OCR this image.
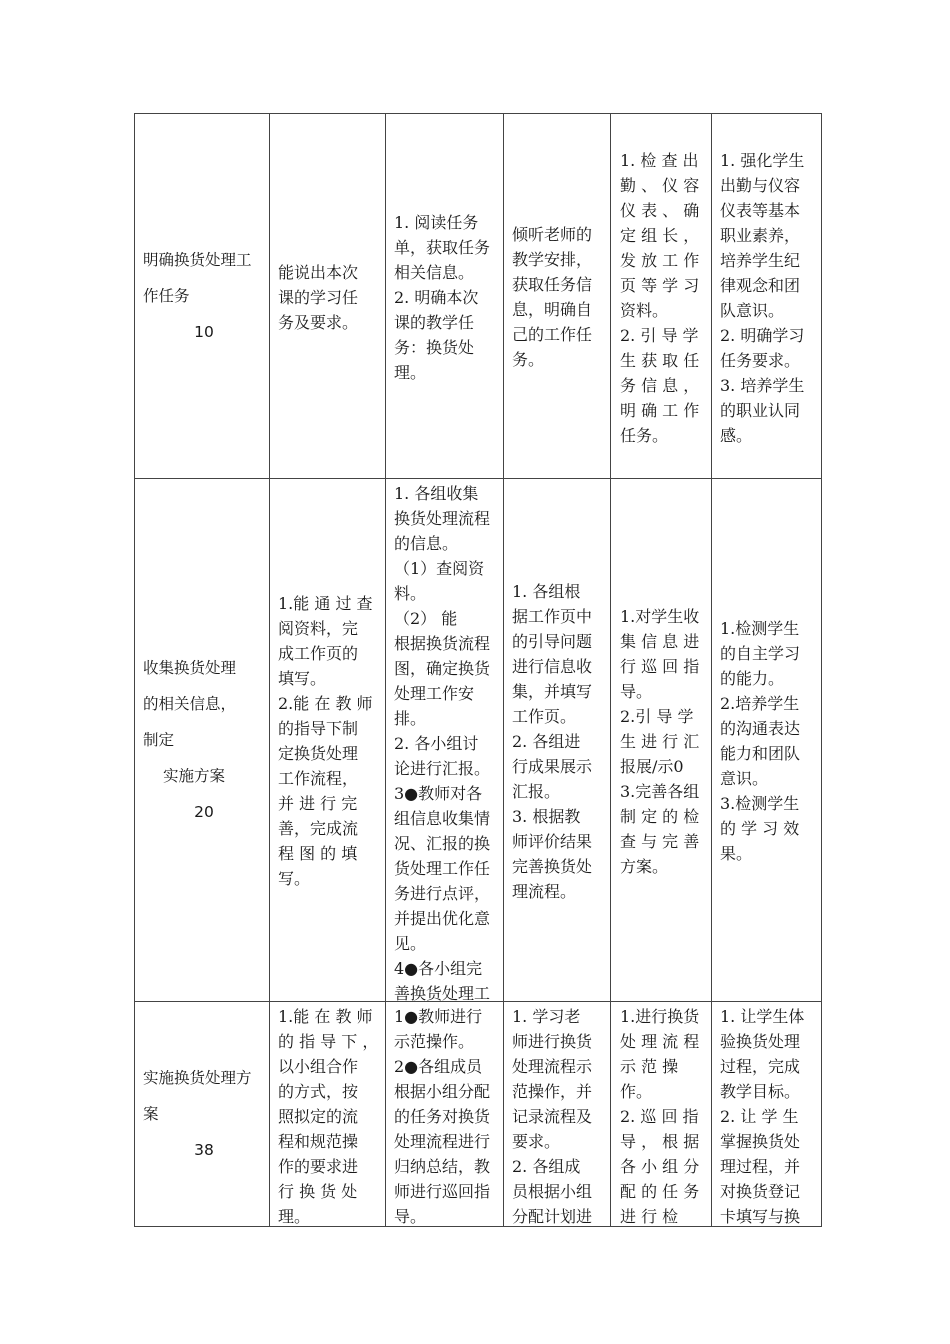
明确换货处理工
作任务
10
能说出本次
课的学习任
务及要求。
1. 阅读任务
单，获取任务
相关信息。
2. 明确本次
课的教学任
务：换货处
理。
倾听老师的
教学安排，
获取任务信
息，明确自
己的工作任
务。
1. 检 查 出
勤 、 仪 容
仪 表 、 确
定 组 长 ，
发 放 工 作
页 等 学 习
资料。
2. 引 导 学
生 获 取 任
务 信 息 ，
明 确 工 作
任务。
1. 强化学生
出勤与仪容
仪表等基本
职业素养，
培养学生纪
律观念和团
队意识。
2. 明确学习
任务要求。
3. 培养学生
的职业认同
感。
收集换货处理
的相关信息，
制定
实施方案
20
1.能 通 过 查
阅资料，完
成工作页的
填写。
2.能 在 教 师
的指导下制
定换货处理
工作流程，
并 进 行 完
善，完成流
程 图 的 填
写。
1. 各组收集
换货处理流程
的信息。
（1）查阅资
料。
（2） 能
根据换货流程
图，确定换货
处理工作安
排。
2. 各小组讨
论进行汇报。
3●教师对各
组信息收集情
况、汇报的换
货处理工作任
务进行点评，
并提出优化意
见。
4●各小组完
善换货处理工
1. 各组根
据工作页中
的引导问题
进行信息收
集，并填写
工作页。
2. 各组进
行成果展示
汇报。
3. 根据教
师评价结果
完善换货处
理流程。
1.对学生收
集 信 息 进
行 巡 回 指
导。
2.引 导 学
生 进 行 汇
报展/示0
3.完善各组
制 定 的 检
查 与 完 善
方案。
1.检测学生
的自主学习
的能力。
2.培养学生
的沟通表达
能力和团队
意识。
3.检测学生
的 学 习 效
果。
实施换货处理方
案
38
1.能 在 教 师
的 指 导 下 ，
以小组合作
的方式，按
照拟定的流
程和规范操
作的要求进
行 换 货 处
理。
1●教师进行
示范操作。
2●各组成员
根据小组分配
的任务对换货
处理流程进行
归纳总结，教
师进行巡回指
导。
1. 学习老
师进行换货
处理流程示
范操作，并
记录流程及
要求。
2. 各组成
员根据小组
分配计划进
1.进行换货
处 理 流 程
示 范 操
作。
2. 巡 回 指
导 ， 根 据
各 小 组 分
配 的 任 务
进 行 检
1. 让学生体
验换货处理
过程，完成
教学目标。
2. 让 学 生
掌握换货处
理过程，并
对换货登记
卡填写与换
